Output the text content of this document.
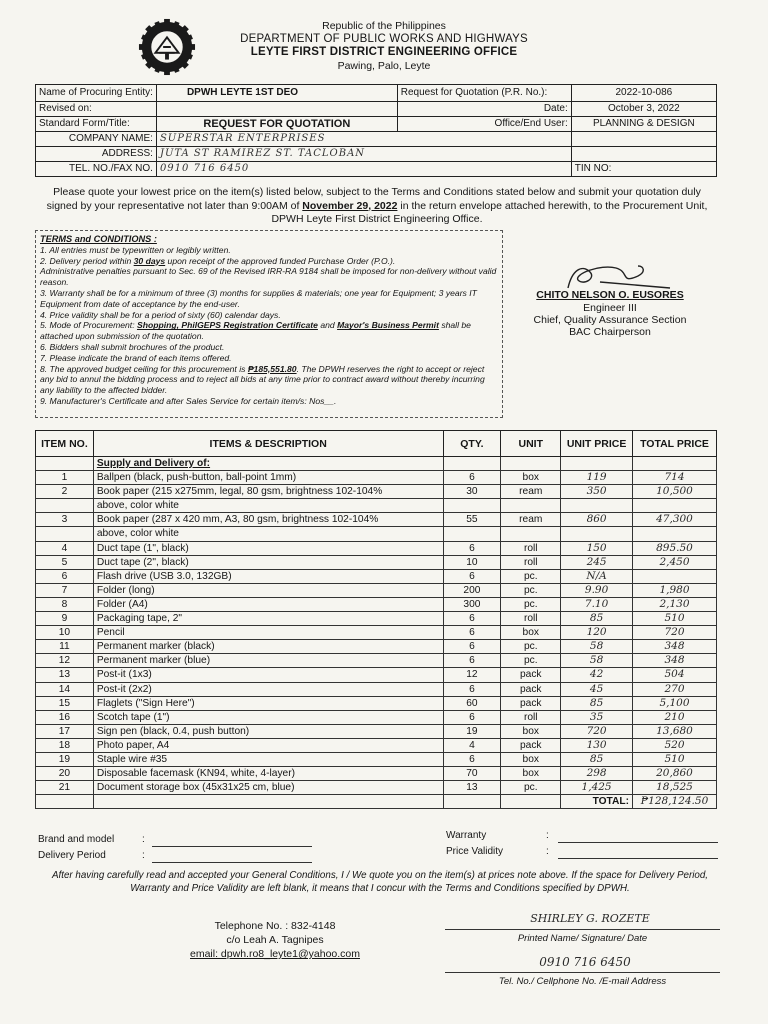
Republic of the Philippines
DEPARTMENT OF PUBLIC WORKS AND HIGHWAYS
LEYTE FIRST DISTRICT ENGINEERING OFFICE
Pawing, Palo, Leyte
Name of Procuring Entity:	DPWH LEYTE 1ST DEO	Request for Quotation (P.R. No.):	2022-10-086
Revised on:		Date:	October 3, 2022
Standard Form/Title:	REQUEST FOR QUOTATION	Office/End User:	PLANNING & DESIGN
COMPANY NAME:	SUPERSTAR ENTERPRISES		
ADDRESS:	JUTA ST RAMIREZ ST. TACLOBAN		
TEL. NO./FAX NO.	0910 716 6450		TIN NO:
Please quote your lowest price on the item(s) listed below, subject to the Terms and Conditions stated below and submit your quotation duly signed by your representative not later than 9:00AM of November 29, 2022 in the return envelope attached herewith, to the Procurement Unit, DPWH Leyte First District Engineering Office.

TERMS and CONDITIONS :

1. All entries must be typewritten or legibly written.

2. Delivery period within 30 days upon receipt of the approved funded Purchase Order (P.O.).

Administrative penalties pursuant to Sec. 69 of the Revised IRR-RA 9184 shall be imposed for non-delivery without valid reason.

3. Warranty shall be for a minimum of three (3) months for supplies & materials; one year for Equipment; 3 years IT Equipment from date of acceptance by the end-user.

4. Price validity shall be for a period of sixty (60) calendar days.

5. Mode of Procurement: Shopping, PhilGEPS Registration Certificate and Mayor's Business Permit shall be attached upon submission of the quotation.

6. Bidders shall submit brochures of the product.

7. Please indicate the brand of each items offered.

8. The approved budget ceiling for this procurement is ₱185,551.80. The DPWH reserves the right to accept or reject any bid to annul the bidding process and to reject all bids at any time prior to contract award without thereby incurring any liability to the affected bidder.

9. Manufacturer's Certificate and after Sales Service for certain item/s: Nos__.

CHITO NELSON O. EUSORES
Engineer III
Chief, Quality Assurance Section
BAC Chairperson
ITEM NO.	ITEMS & DESCRIPTION	QTY.	UNIT	UNIT PRICE	TOTAL PRICE
	Supply and Delivery of:				
1	Ballpen (black, push-button, ball-point 1mm)	6	box	119	714
2	Book paper (215 x275mm, legal, 80 gsm, brightness 102-104%	30	ream	350	10,500
	above, color white				
3	Book paper (287 x 420 mm, A3, 80 gsm, brightness 102-104%	55	ream	860	47,300
	above, color white				
4	Duct tape (1", black)	6	roll	150	895.50
5	Duct tape (2", black)	10	roll	245	2,450
6	Flash drive (USB 3.0, 132GB)	6	pc.	N/A	
7	Folder (long)	200	pc.	9.90	1,980
8	Folder (A4)	300	pc.	7.10	2,130
9	Packaging tape, 2"	6	roll	85	510
10	Pencil	6	box	120	720
11	Permanent marker (black)	6	pc.	58	348
12	Permanent marker (blue)	6	pc.	58	348
13	Post-it (1x3)	12	pack	42	504
14	Post-it (2x2)	6	pack	45	270
15	Flaglets ("Sign Here")	60	pack	85	5,100
16	Scotch tape (1")	6	roll	35	210
17	Sign pen (black, 0.4, push button)	19	box	720	13,680
18	Photo paper, A4	4	pack	130	520
19	Staple wire #35	6	box	85	510
20	Disposable facemask (KN94, white, 4-layer)	70	box	298	20,860
21	Document storage box (45x31x25 cm, blue)	13	pc.	1,425	18,525
				TOTAL:	₱128,124.50
Brand and model	:
Delivery Period	:
Warranty	:
Price Validity	:
After having carefully read and accepted your General Conditions, I / We quote you on the item(s) at prices note above. If the space for Delivery Period, Warranty and Price Validity are left blank, it means that I concur with the Terms and Conditions specified by DPWH.
Telephone No. : 832-4148
c/o Leah A. Tagnipes
email: dpwh.ro8_leyte1@yahoo.com
SHIRLEY G. ROZETE
Printed Name/ Signature/ Date
0910 716 6450
Tel. No./ Cellphone No. /E-mail Address
